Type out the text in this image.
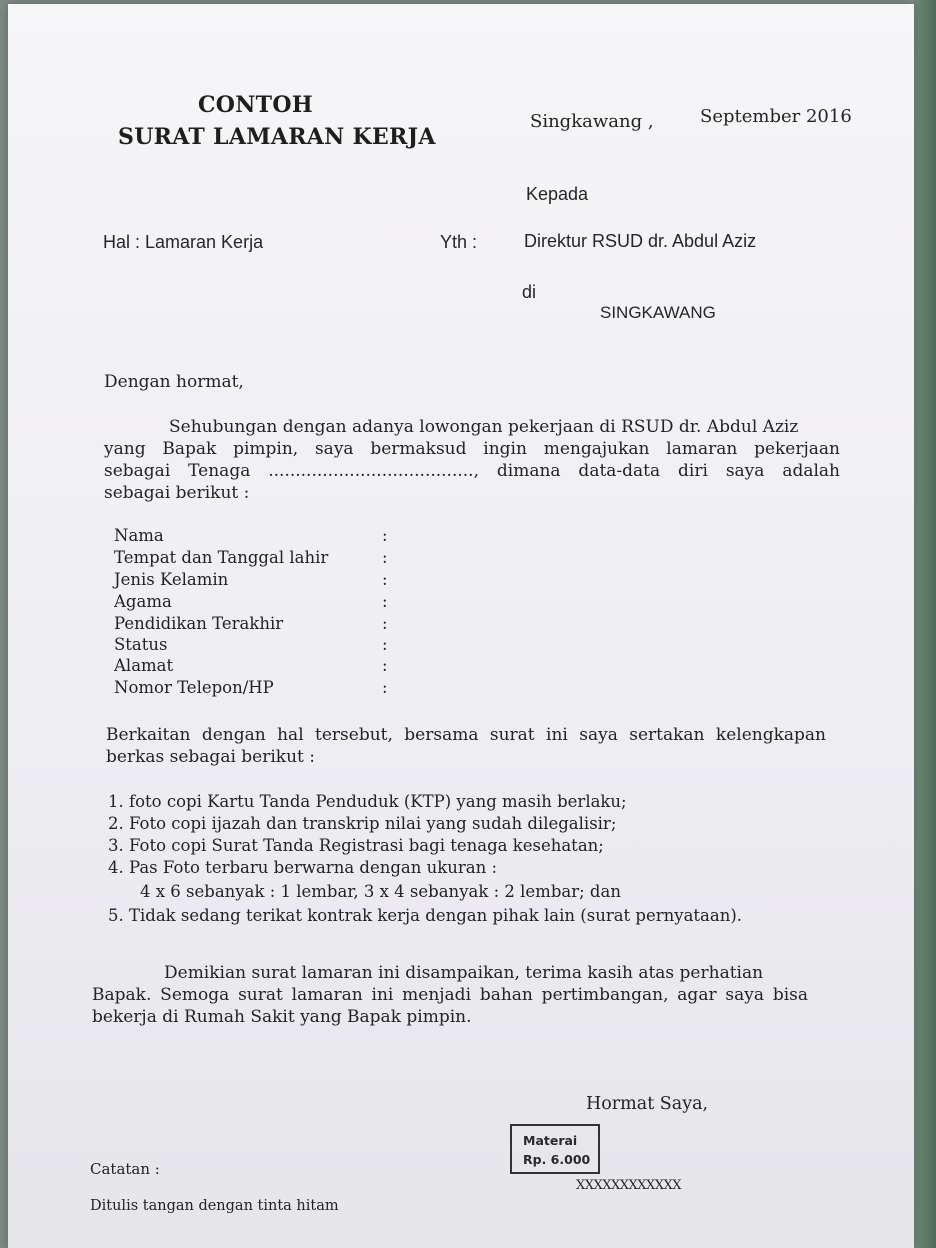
CONTOH
SURAT LAMARAN KERJA
Singkawang ,	September 2016
Kepada
Hal : Lamaran Kerja	Yth :	Direktur RSUD dr. Abdul Aziz
di
SINGKAWANG
Dengan hormat,
Sehubungan dengan adanya lowongan pekerjaan di RSUD dr. Abdul Aziz
yang Bapak pimpin, saya bermaksud ingin mengajukan lamaran pekerjaan
sebagai Tenaga ......................................, dimana data-data diri saya adalah
sebagai berikut :
Nama	:
Tempat dan Tanggal lahir	:
Jenis Kelamin	:
Agama	:
Pendidikan Terakhir	:
Status	:
Alamat	:
Nomor Telepon/HP	:
Berkaitan dengan hal tersebut, bersama surat ini saya sertakan kelengkapan
berkas sebagai berikut :
1. foto copi Kartu Tanda Penduduk (KTP) yang masih berlaku;
2. Foto copi ijazah dan transkrip nilai yang sudah dilegalisir;
3. Foto copi Surat Tanda Registrasi bagi tenaga kesehatan;
4. Pas Foto terbaru berwarna dengan ukuran :
4 x 6 sebanyak : 1 lembar, 3 x 4 sebanyak : 2 lembar; dan
5. Tidak sedang terikat kontrak kerja dengan pihak lain (surat pernyataan).
Demikian surat lamaran ini disampaikan, terima kasih atas perhatian
Bapak. Semoga surat lamaran ini menjadi bahan pertimbangan, agar saya bisa
bekerja di Rumah Sakit yang Bapak pimpin.
Hormat Saya,
Materai
Rp. 6.000
XXXXXXXXXXXX
Catatan :
Ditulis tangan dengan tinta hitam
